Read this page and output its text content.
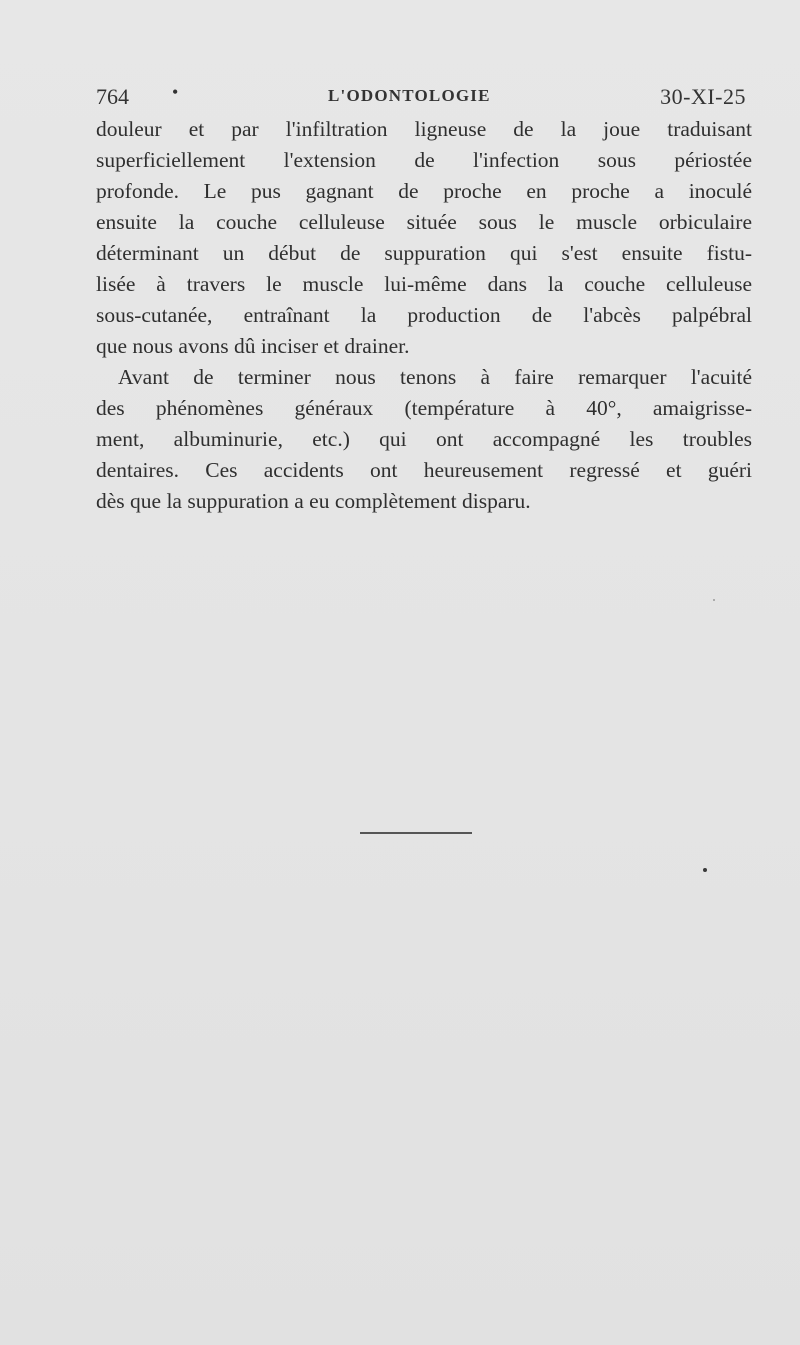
764 •	L'ODONTOLOGIE	30-XI-25

douleur et par l'infiltration ligneuse de la joue traduisant
superficiellement l'extension de l'infection sous périostée
profonde. Le pus gagnant de proche en proche a inoculé
ensuite la couche celluleuse située sous le muscle orbiculaire
déterminant un début de suppuration qui s'est ensuite fistu-
lisée à travers le muscle lui-même dans la couche celluleuse
sous-cutanée, entraînant la production de l'abcès palpébral
que nous avons dû inciser et drainer.

Avant de terminer nous tenons à faire remarquer l'acuité
des phénomènes généraux (température à 40°, amaigrisse-
ment, albuminurie, etc.) qui ont accompagné les troubles
dentaires. Ces accidents ont heureusement regressé et guéri
dès que la suppuration a eu complètement disparu.
